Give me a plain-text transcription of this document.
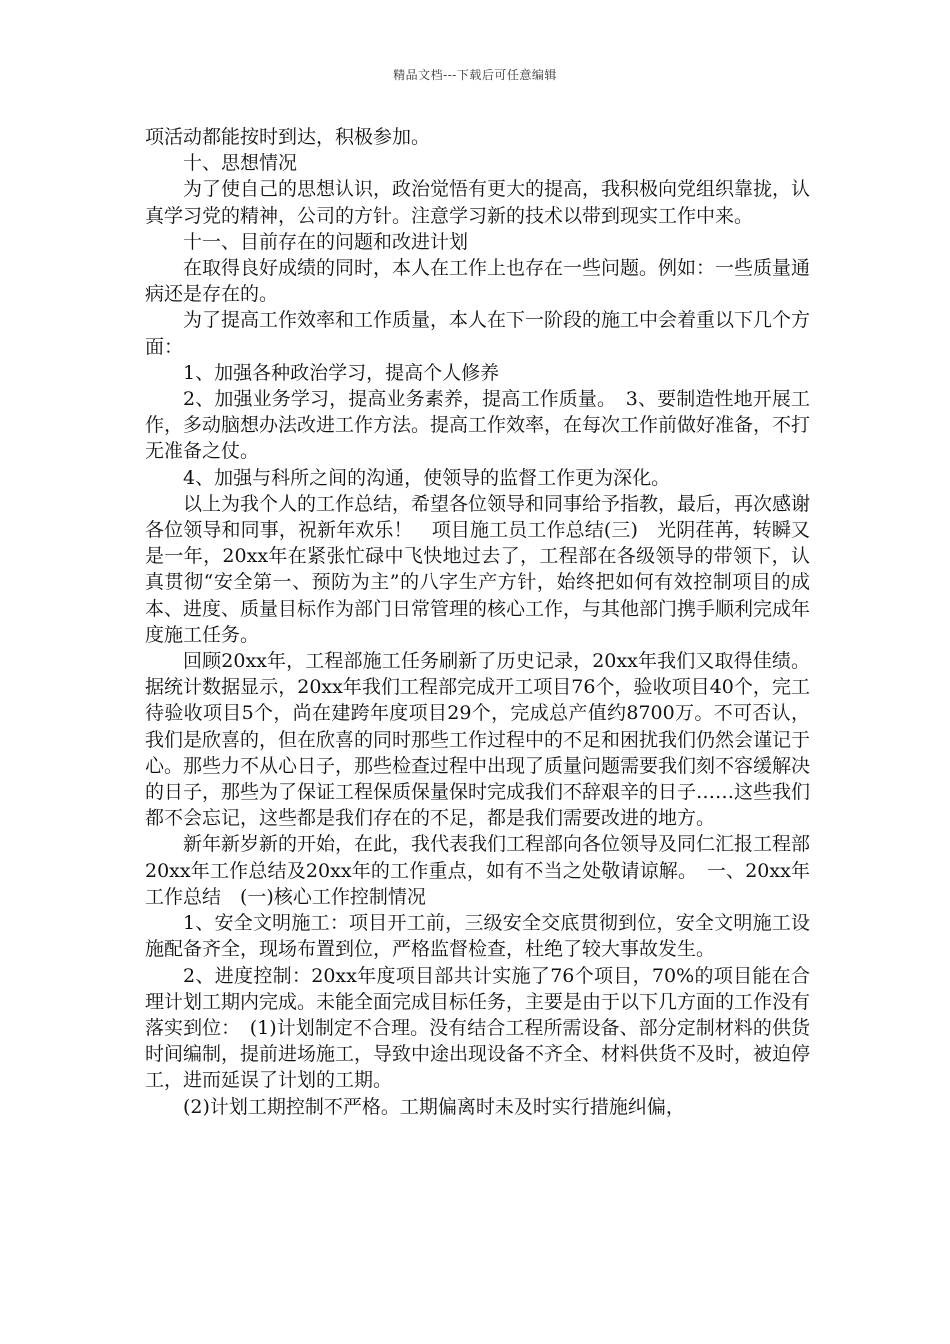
精品文档---下载后可任意编辑

项活动都能按时到达，积极参加。

十、思想情况

为了使自己的思想认识，政治觉悟有更大的提高，我积极向党组织靠拢，认真学习党的精神，公司的方针。注意学习新的技术以带到现实工作中来。

十一、目前存在的问题和改进计划

在取得良好成绩的同时，本人在工作上也存在一些问题。例如：一些质量通病还是存在的。

为了提高工作效率和工作质量，本人在下一阶段的施工中会着重以下几个方面：

1、加强各种政治学习，提高个人修养

2、加强业务学习，提高业务素养，提高工作质量。　3、要制造性地开展工作，多动脑想办法改进工作方法。提高工作效率，在每次工作前做好准备，不打无准备之仗。

4、加强与科所之间的沟通，使领导的监督工作更为深化。

以上为我个人的工作总结，希望各位领导和同事给予指教，最后，再次感谢各位领导和同事，祝新年欢乐！　项目施工员工作总结(三)　光阴荏苒，转瞬又是一年，20xx年在紧张忙碌中飞快地过去了，工程部在各级领导的带领下，认真贯彻“安全第一、预防为主”的八字生产方针，始终把如何有效控制项目的成本、进度、质量目标作为部门日常管理的核心工作，与其他部门携手顺利完成年度施工任务。

回顾20xx年，工程部施工任务刷新了历史记录，20xx年我们又取得佳绩。据统计数据显示，20xx年我们工程部完成开工项目76个，验收项目40个，完工待验收项目5个，尚在建跨年度项目29个，完成总产值约8700万。不可否认，我们是欣喜的，但在欣喜的同时那些工作过程中的不足和困扰我们仍然会谨记于心。那些力不从心日子，那些检查过程中出现了质量问题需要我们刻不容缓解决的日子，那些为了保证工程保质保量保时完成我们不辞艰辛的日子……这些我们都不会忘记，这些都是我们存在的不足，都是我们需要改进的地方。

新年新岁新的开始，在此，我代表我们工程部向各位领导及同仁汇报工程部20xx年工作总结及20xx年的工作重点，如有不当之处敬请谅解。　一、20xx年工作总结　(一)核心工作控制情况

1、安全文明施工：项目开工前，三级安全交底贯彻到位，安全文明施工设施配备齐全，现场布置到位，严格监督检查，杜绝了较大事故发生。

2、进度控制：20xx年度项目部共计实施了76个项目，70%的项目能在合理计划工期内完成。未能全面完成目标任务，主要是由于以下几方面的工作没有落实到位：　(1)计划制定不合理。没有结合工程所需设备、部分定制材料的供货时间编制，提前进场施工，导致中途出现设备不齐全、材料供货不及时，被迫停工，进而延误了计划的工期。

(2)计划工期控制不严格。工期偏离时未及时实行措施纠偏，
